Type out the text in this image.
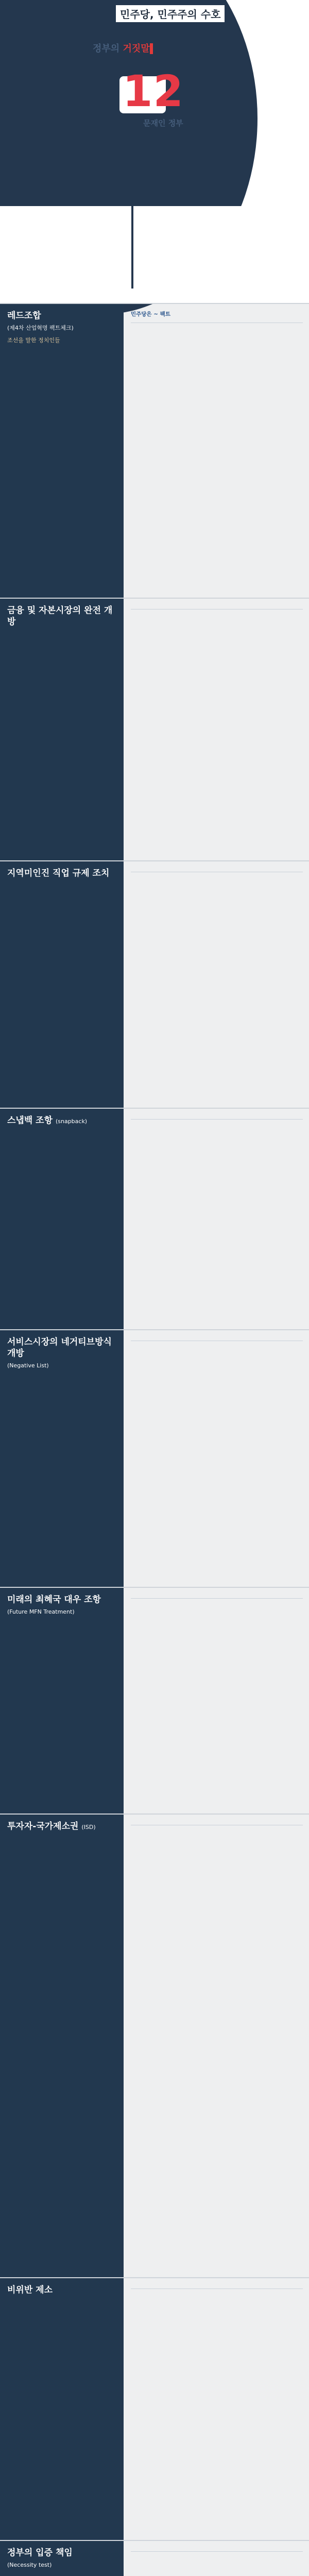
민주당, 민주주의 수호
정부의 거짓말
12
문재인 정부
레드조합
(제4차 산업혁명 팩트체크)
조선을 말한 정치인들
민주당은 ~ 팩트
금융 및 자본시장의 완전 개방

지역미인진 직업 규제 조치

스냅백 조항 (snapback)
서비스시장의 네거티브방식 개방
(Negative List)
미래의 최혜국 대우 조항
(Future MFN Treatment)
투자자-국가제소권 (ISD)
비위반 제소

정부의 입증 책임
(Necessity test)
